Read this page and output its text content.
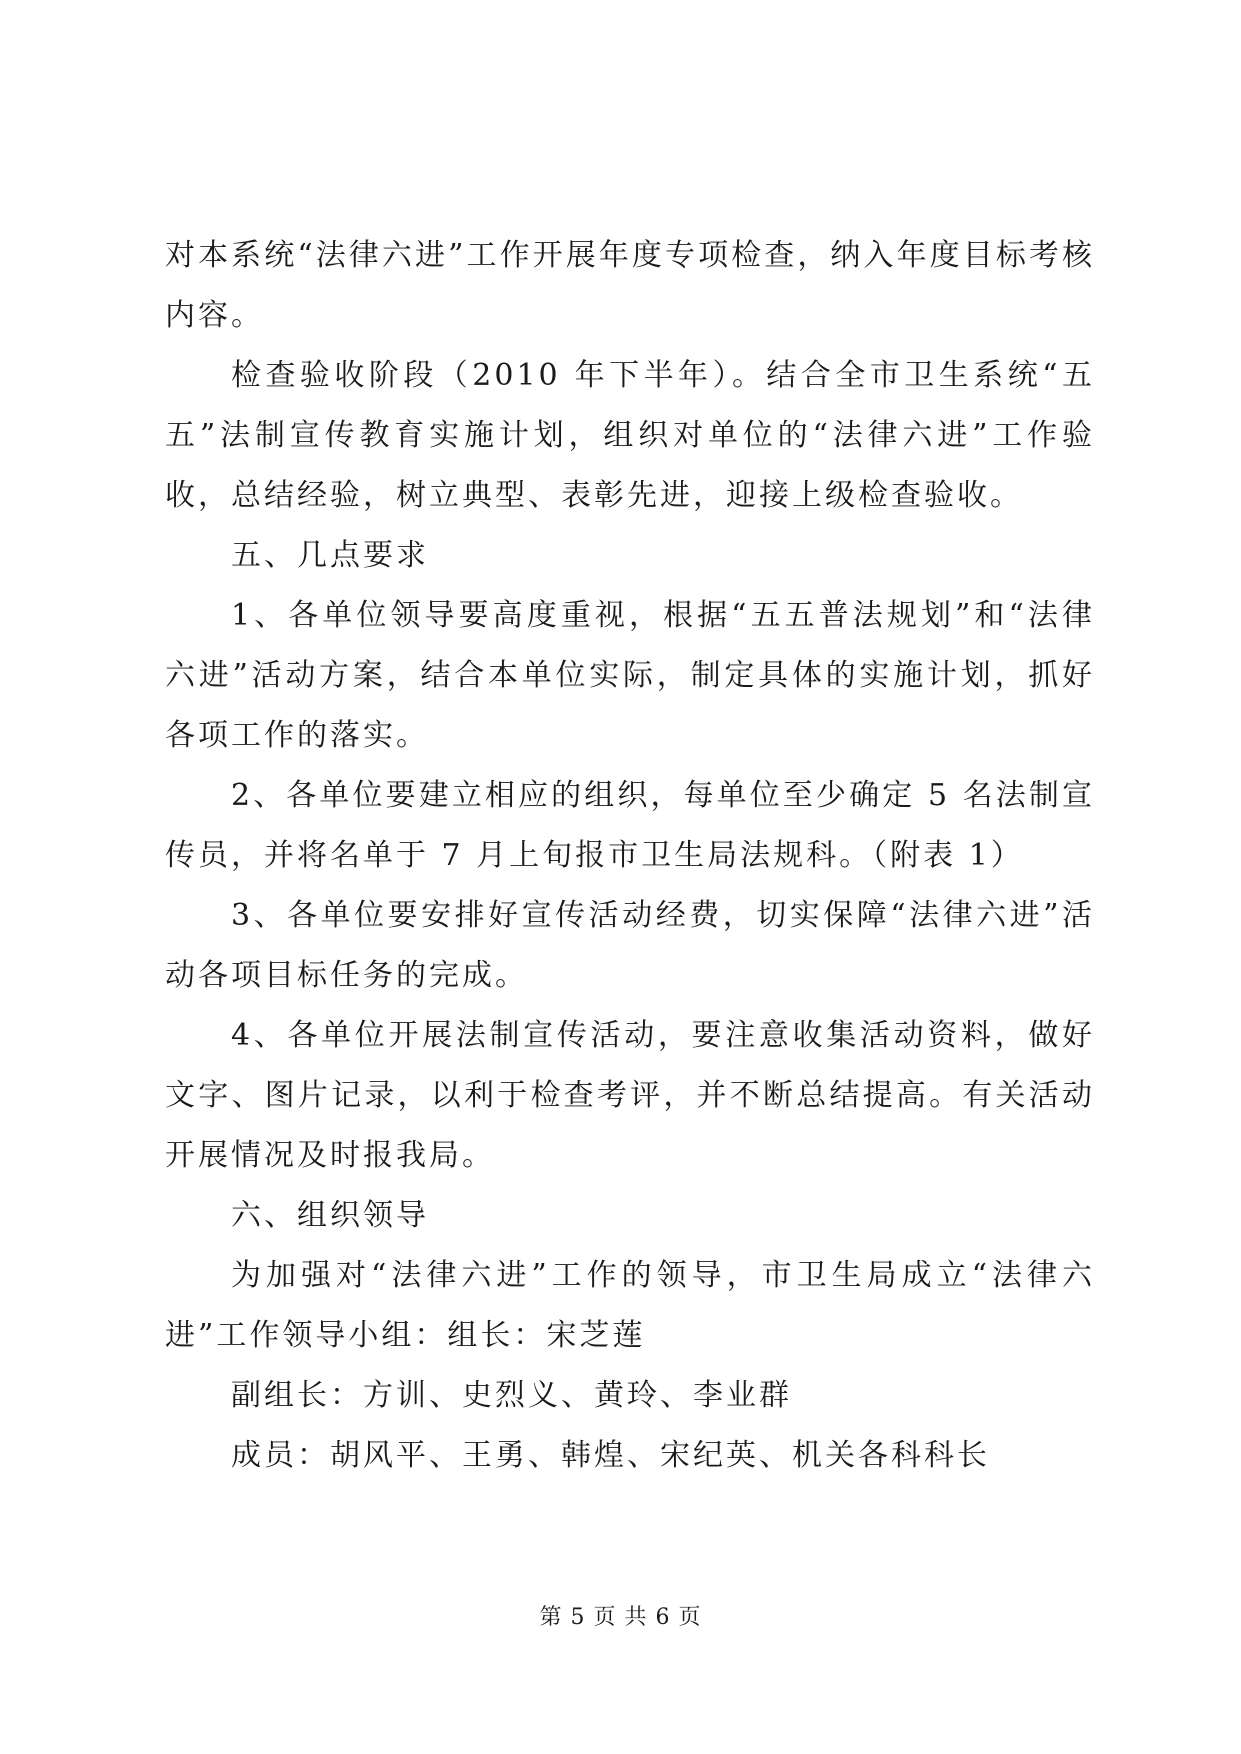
对本系统“法律六进”工作开展年度专项检查，纳入年度目标考核内容。

检查验收阶段（2010 年下半年）。结合全市卫生系统“五五”法制宣传教育实施计划，组织对单位的“法律六进”工作验收，总结经验，树立典型、表彰先进，迎接上级检查验收。

五、几点要求

1、各单位领导要高度重视，根据“五五普法规划”和“法律六进”活动方案，结合本单位实际，制定具体的实施计划，抓好各项工作的落实。

2、各单位要建立相应的组织，每单位至少确定 5 名法制宣传员，并将名单于 7 月上旬报市卫生局法规科。（附表 1）

3、各单位要安排好宣传活动经费，切实保障“法律六进”活动各项目标任务的完成。

4、各单位开展法制宣传活动，要注意收集活动资料，做好文字、图片记录，以利于检查考评，并不断总结提高。有关活动开展情况及时报我局。

六、组织领导

为加强对“法律六进”工作的领导，市卫生局成立“法律六进”工作领导小组：组长：宋芝莲

副组长：方训、史烈义、黄玲、李业群

成员：胡风平、王勇、韩煌、宋纪英、机关各科科长

第 5 页 共 6 页
